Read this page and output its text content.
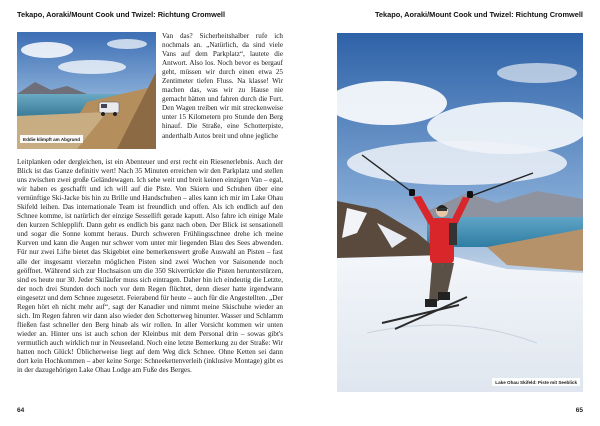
Tekapo, Aoraki/Mount Cook und Twizel: Richtung Cromwell
Eddie klimpft am Abgrund

Van das? Sicherheitshalber rufe ich nochmals an. „Natürlich, da sind viele Vans auf dem Parkplatz“, lautete die Antwort. Also los. Noch bevor es bergauf geht, müssen wir durch einen etwa 25 Zentimeter tiefen Fluss. Na klasse! Wir machen das, was wir zu Hause nie gemacht hätten und fahren durch die Furt. Den Wagen treiben wir mit streckenweise unter 15 Kilometern pro Stunde den Berg hinauf. Die Straße, eine Schotterpiste, anderthalb Autos breit und ohne jegliche

Leitplanken oder dergleichen, ist ein Abenteuer und erst recht ein Riesenerlebnis. Auch der Blick ist das Ganze definitiv wert! Nach 35 Minuten erreichen wir den Parkplatz und stellen uns zwischen zwei große Geländewagen. Ich sehe weit und breit keinen einzigen Van – egal, wir haben es geschafft und ich will auf die Piste. Von Skiern und Schuhen über eine vernünftige Ski-Jacke bis hin zu Brille und Handschuhen – alles kann ich mir im Lake Ohau Skifeld leihen. Das internationale Team ist freundlich und offen. Als ich endlich auf den Schnee komme, ist natürlich der einzige Sessellift gerade kaputt. Also fahre ich einige Male den kurzen Schlepplift. Dann geht es endlich bis ganz nach oben. Der Blick ist sensationell und sogar die Sonne kommt heraus. Durch schweren Frühlingsschnee drehe ich meine Kurven und kann die Augen nur schwer vom unter mir liegenden Blau des Sees abwenden. Für nur zwei Lifte bietet das Skigebiet eine bemerkenswert große Auswahl an Pisten – fast alle der insgesamt vierzehn möglichen Pisten sind zwei Wochen vor Saisonende noch geöffnet. Während sich zur Hochsaison um die 350 Skiverrückte die Pisten herunterstürzen, sind es heute nur 30. Jeder Skiläufer muss sich eintragen. Daher bin ich eindeutig die Letzte, der noch drei Stunden doch noch vor dem Regen flüchtet, denn dieser hatte irgendwann eingesetzt und dem Schnee zugesetzt. Feierabend für heute – auch für die Angestellten. „Der Regen hört eh nicht mehr auf“, sagt der Kanadier und nimmt meine Skischuhe wieder an sich. Im Regen fahren wir dann also wieder den Schotterweg hinunter. Wasser und Schlamm fließen fast schneller den Berg hinab als wir rollen. In aller Vorsicht kommen wir unten wieder an. Hinter uns ist auch schon der Kleinbus mit dem Personal drin – sowas gibt's vermutlich auch wirklich nur in Neuseeland. Noch eine letzte Bemerkung zu der Straße: Wir hatten noch Glück! Üblicherweise liegt auf dem Weg dick Schnee. Ohne Ketten sei dann dort kein Hochkommen – aber keine Sorge: Schneekettenverleih (inklusive Montage) gibt es in der dazugehörigen Lake Ohau Lodge am Fuße des Berges.

64
Tekapo, Aoraki/Mount Cook und Twizel: Richtung Cromwell
Lake Ohau Skifeld: Piste mit Seeblick
65
